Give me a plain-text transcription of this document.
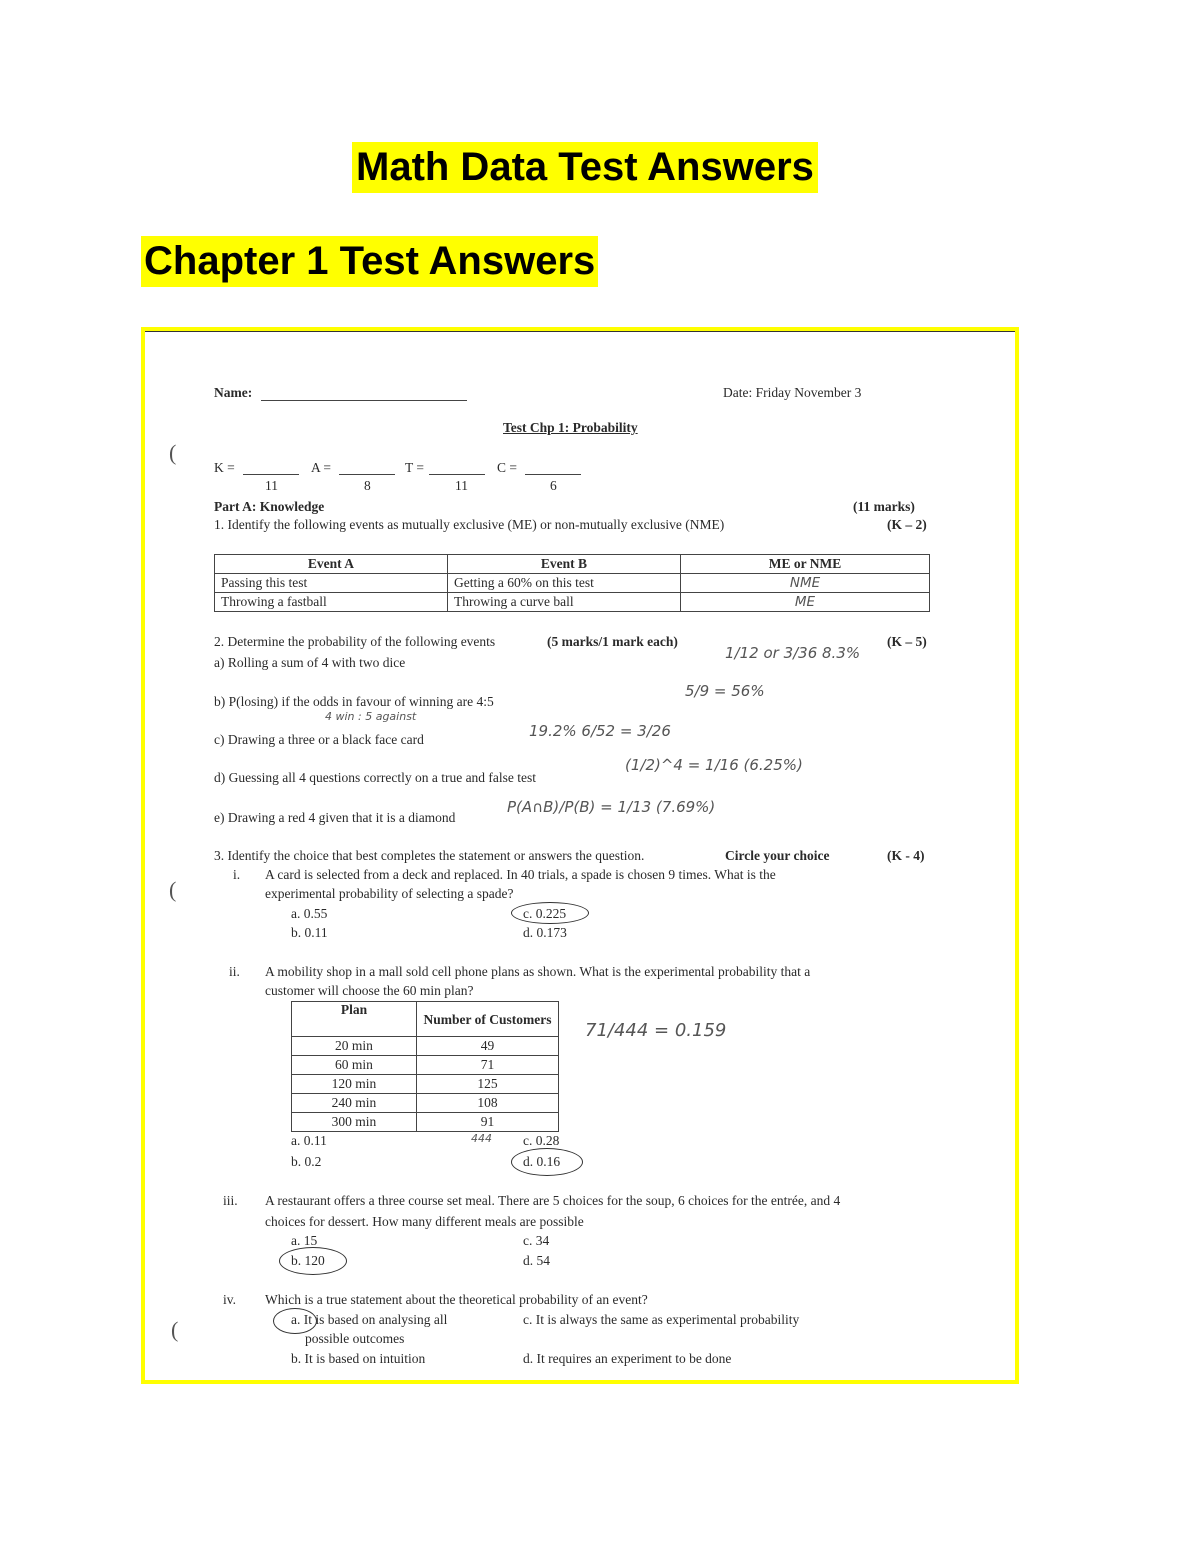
Math Data Test Answers
Chapter 1 Test Answers
(
(
(
Name:	Date: Friday November 3
Test Chp 1: Probability
K =	A =	T =	C =
11	8	11	6
Part A: Knowledge	(11 marks)
1. Identify the following events as mutually exclusive (ME) or non-mutually exclusive (NME)	(K – 2)
Event A	Event B	ME or NME
Passing this test	Getting a 60% on this test	NME
Throwing a fastball	Throwing a curve ball	ME
2. Determine the probability of the following events	(5 marks/1 mark each)	(K – 5)
a) Rolling a sum of 4 with two dice
1/12 or 3/36 8.3%
b) P(losing) if the odds in favour of winning are 4:5
5/9 = 56%
4 win : 5 against
c) Drawing a three or a black face card	19.2% 6/52 = 3/26
d) Guessing all 4 questions correctly on a true and false test
(1/2)^4 = 1/16 (6.25%)
e) Drawing a red 4 given that it is a diamond
P(A∩B)/P(B) = 1/13 (7.69%)
3. Identify the choice that best completes the statement or answers the question.	Circle your choice	(K - 4)
i. A card is selected from a deck and replaced. In 40 trials, a spade is chosen 9 times. What is the
experimental probability of selecting a spade?
a. 0.55	c. 0.225
b. 0.11	d. 0.173
ii. A mobility shop in a mall sold cell phone plans as shown. What is the experimental probability that a
customer will choose the 60 min plan?
Plan	Number of Customers
20 min	49
60 min	71
120 min	125
240 min	108
300 min	91
71/444 = 0.159
444
a. 0.11	c. 0.28
b. 0.2	d. 0.16
iii. A restaurant offers a three course set meal. There are 5 choices for the soup, 6 choices for the entrée, and 4
choices for dessert. How many different meals are possible
a. 15	c. 34
b. 120	d. 54
iv. Which is a true statement about the theoretical probability of an event?
a. It is based on analysing all
possible outcomes
c. It is always the same as experimental probability
b. It is based on intuition	d. It requires an experiment to be done
